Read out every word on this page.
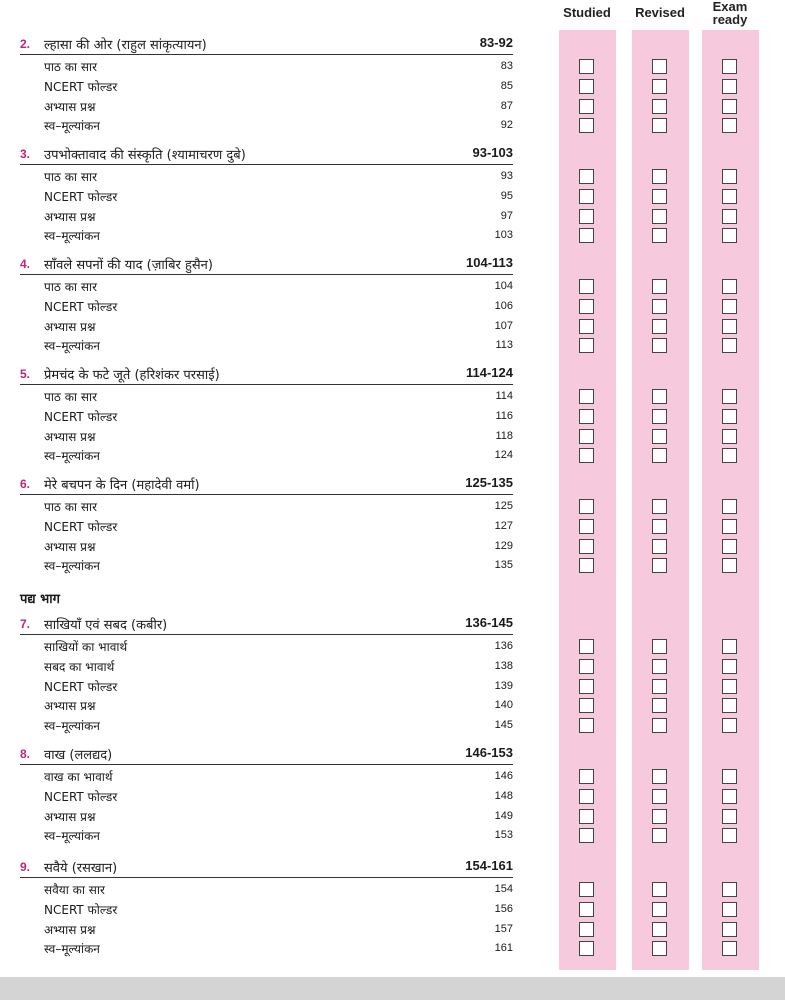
Studied	Revised	Exam
ready
पद्य भाग
2. ल्हासा की ओर (राहुल सांकृत्यायन)	83-92
पाठ का सार	83
NCERT फोल्डर	85
अभ्यास प्रश्न	87
स्व–मूल्यांकन	92
3. उपभोक्तावाद की संस्कृति (श्यामाचरण दुबे)	93-103
पाठ का सार	93
NCERT फोल्डर	95
अभ्यास प्रश्न	97
स्व–मूल्यांकन	103
4. साँवले सपनों की याद (ज़ाबिर हुसैन)	104-113
पाठ का सार	104
NCERT फोल्डर	106
अभ्यास प्रश्न	107
स्व–मूल्यांकन	113
5. प्रेमचंद के फटे जूते (हरिशंकर परसाई)	114-124
पाठ का सार	114
NCERT फोल्डर	116
अभ्यास प्रश्न	118
स्व–मूल्यांकन	124
6. मेरे बचपन के दिन (महादेवी वर्मा)	125-135
पाठ का सार	125
NCERT फोल्डर	127
अभ्यास प्रश्न	129
स्व–मूल्यांकन	135
7. साखियाँ एवं सबद (कबीर)	136-145
साखियों का भावार्थ	136
सबद का भावार्थ	138
NCERT फोल्डर	139
अभ्यास प्रश्न	140
स्व–मूल्यांकन	145
8. वाख (ललद्यद)	146-153
वाख का भावार्थ	146
NCERT फोल्डर	148
अभ्यास प्रश्न	149
स्व–मूल्यांकन	153
9. सवैये (रसखान)	154-161
सवैया का सार	154
NCERT फोल्डर	156
अभ्यास प्रश्न	157
स्व–मूल्यांकन	161
